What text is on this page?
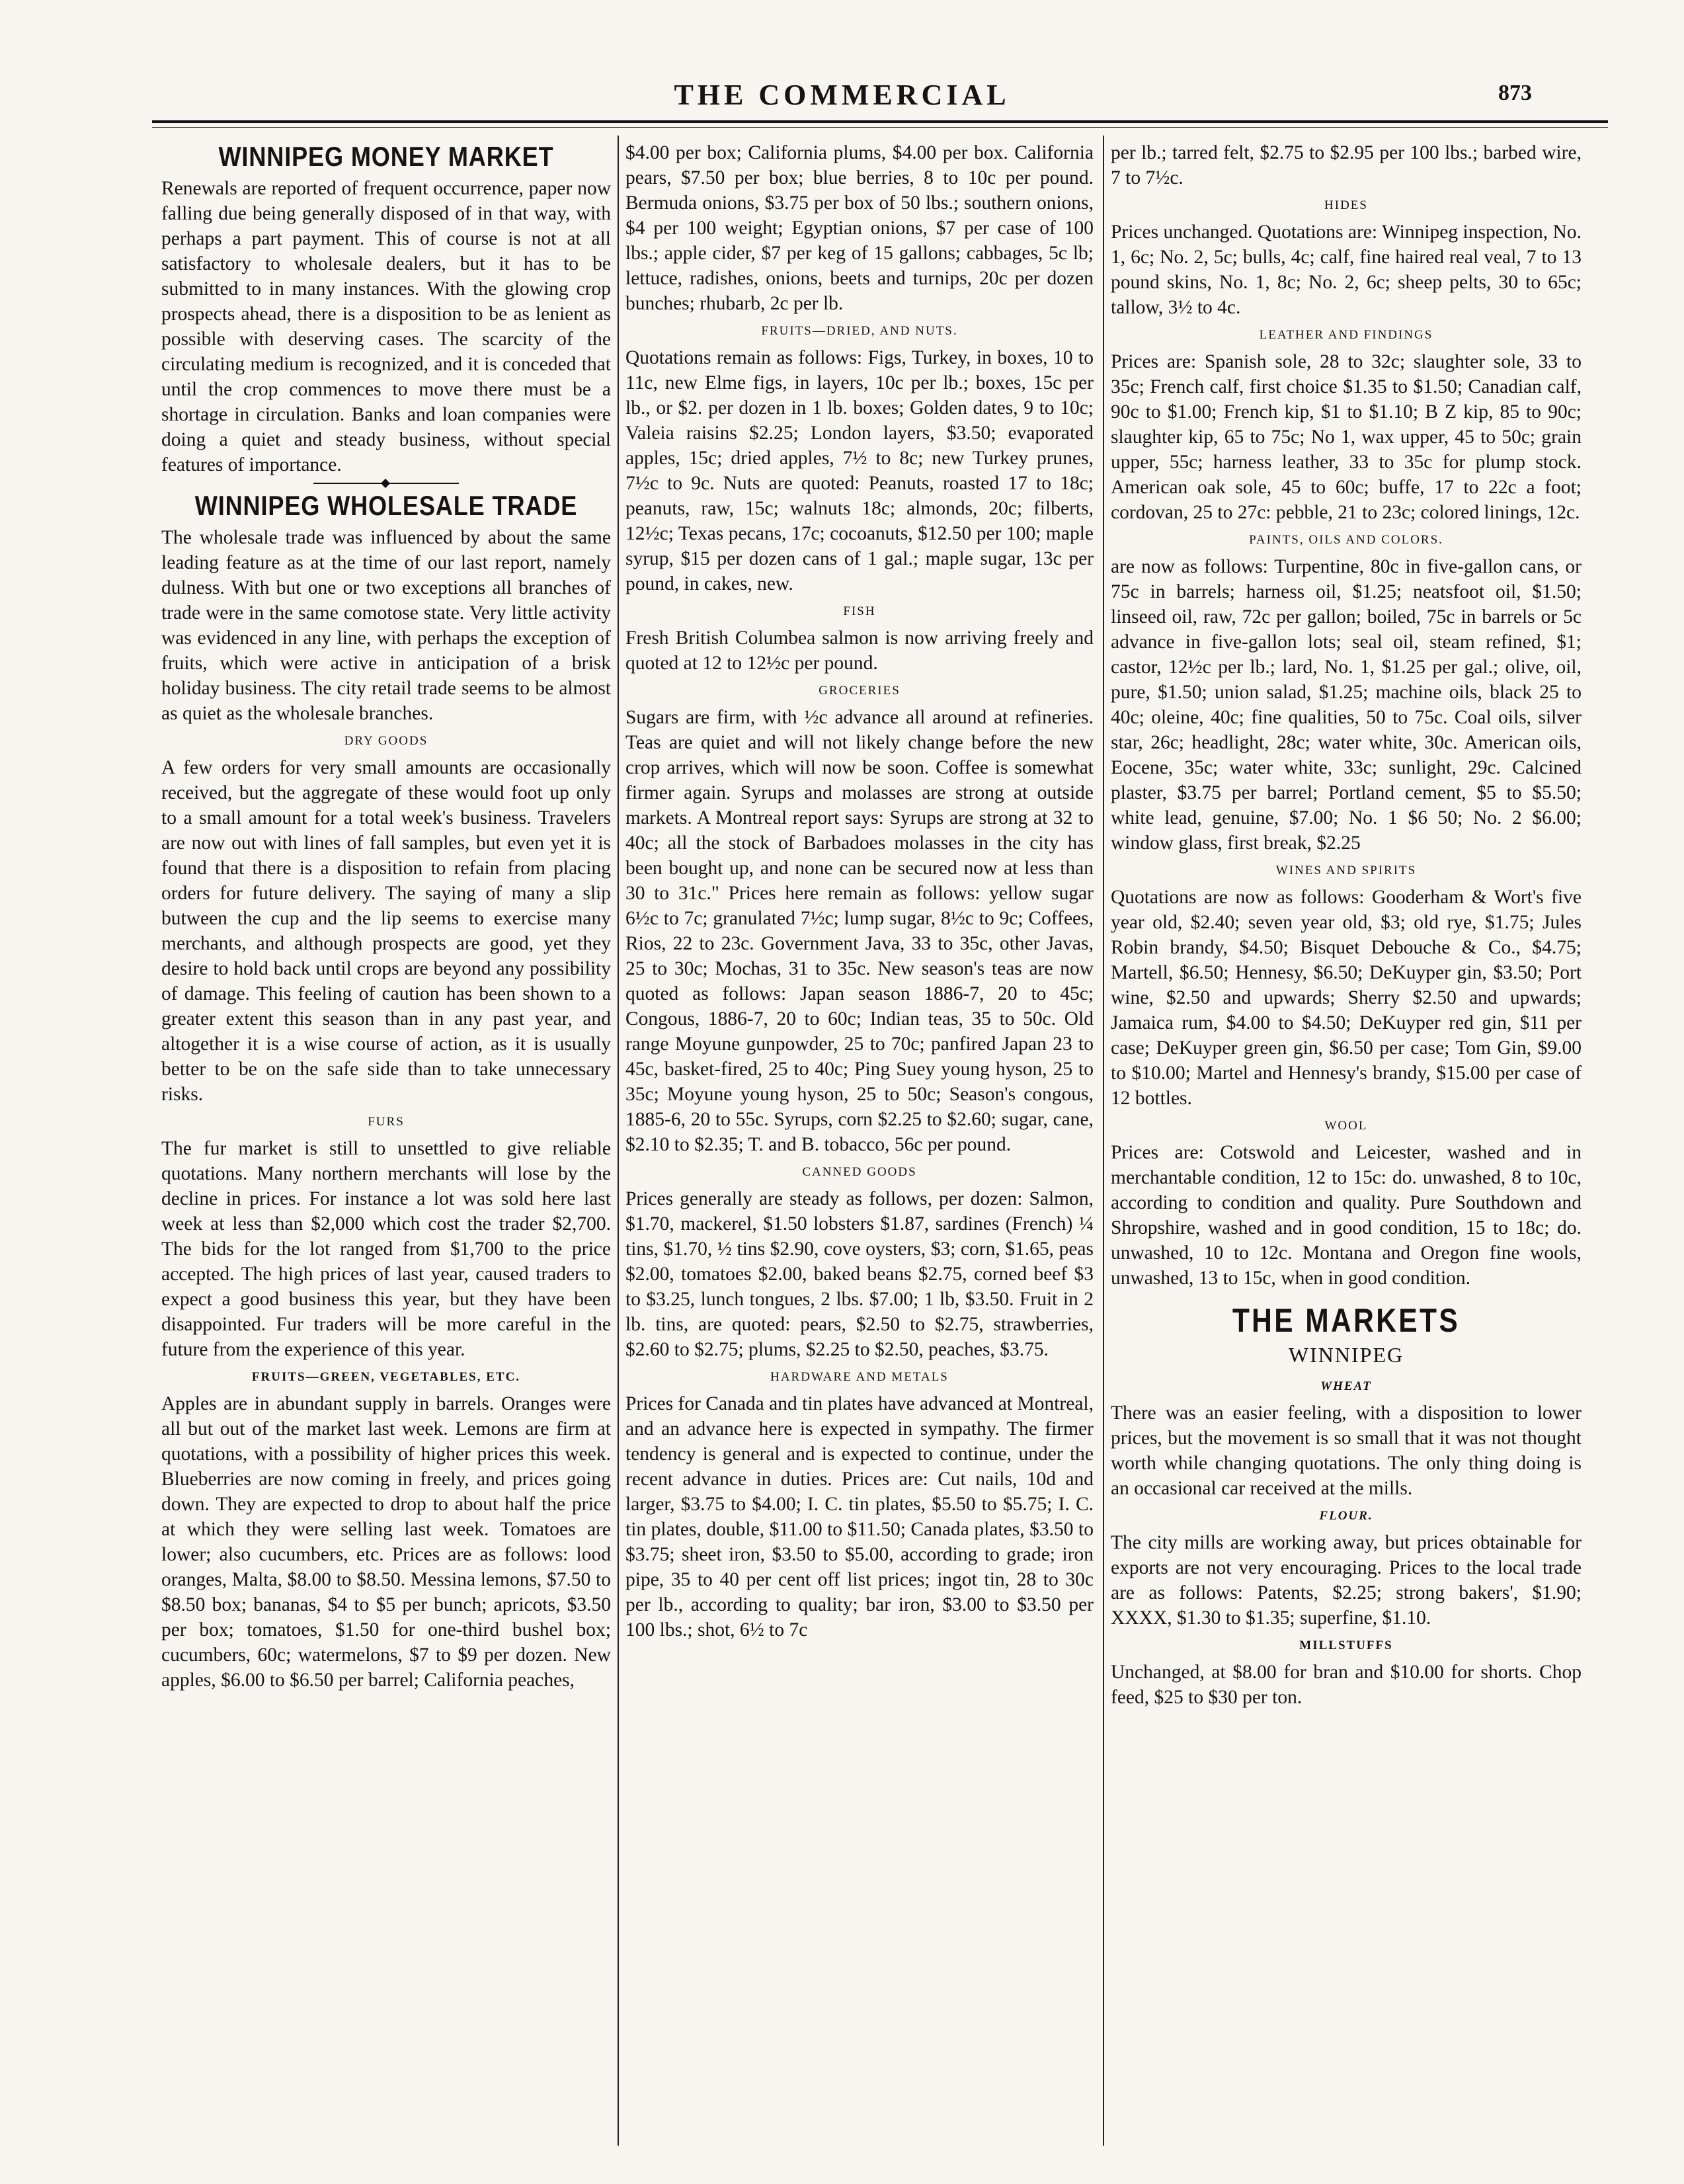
THE COMMERCIAL	873
WINNIPEG MONEY MARKET

Renewals are reported of frequent occurrence, paper now falling due being generally disposed of in that way, with perhaps a part payment. This of course is not at all satisfactory to wholesale dealers, but it has to be submitted to in many instances. With the glowing crop prospects ahead, there is a disposition to be as lenient as possible with deserving cases. The scarcity of the circulating medium is recognized, and it is conceded that until the crop commences to move there must be a shortage in circulation. Banks and loan companies were doing a quiet and steady business, without special features of importance.

WINNIPEG WHOLESALE TRADE

The wholesale trade was influenced by about the same leading feature as at the time of our last report, namely dulness. With but one or two exceptions all branches of trade were in the same comotose state. Very little activity was evidenced in any line, with perhaps the exception of fruits, which were active in anticipation of a brisk holiday business. The city retail trade seems to be almost as quiet as the wholesale branches.

DRY GOODS

A few orders for very small amounts are occasionally received, but the aggregate of these would foot up only to a small amount for a total week's business. Travelers are now out with lines of fall samples, but even yet it is found that there is a disposition to refain from placing orders for future delivery. The saying of many a slip butween the cup and the lip seems to exercise many merchants, and although prospects are good, yet they desire to hold back until crops are beyond any possibility of damage. This feeling of caution has been shown to a greater extent this season than in any past year, and altogether it is a wise course of action, as it is usually better to be on the safe side than to take unnecessary risks.

FURS

The fur market is still to unsettled to give reliable quotations. Many northern merchants will lose by the decline in prices. For instance a lot was sold here last week at less than $2,000 which cost the trader $2,700. The bids for the lot ranged from $1,700 to the price accepted. The high prices of last year, caused traders to expect a good business this year, but they have been disappointed. Fur traders will be more careful in the future from the experience of this year.

FRUITS—GREEN, VEGETABLES, ETC.

Apples are in abundant supply in barrels. Oranges were all but out of the market last week. Lemons are firm at quotations, with a possibility of higher prices this week. Blueberries are now coming in freely, and prices going down. They are expected to drop to about half the price at which they were selling last week. Tomatoes are lower; also cucumbers, etc. Prices are as follows: lood oranges, Malta, $8.00 to $8.50. Messina lemons, $7.50 to $8.50 box; bananas, $4 to $5 per bunch; apricots, $3.50 per box; tomatoes, $1.50 for one-third bushel box; cucumbers, 60c; watermelons, $7 to $9 per dozen. New apples, $6.00 to $6.50 per barrel; California peaches,

$4.00 per box; California plums, $4.00 per box. California pears, $7.50 per box; blue berries, 8 to 10c per pound. Bermuda onions, $3.75 per box of 50 lbs.; southern onions, $4 per 100 weight; Egyptian onions, $7 per case of 100 lbs.; apple cider, $7 per keg of 15 gallons; cabbages, 5c lb; lettuce, radishes, onions, beets and turnips, 20c per dozen bunches; rhubarb, 2c per lb.

FRUITS—DRIED, AND NUTS.

Quotations remain as follows: Figs, Turkey, in boxes, 10 to 11c, new Elme figs, in layers, 10c per lb.; boxes, 15c per lb., or $2. per dozen in 1 lb. boxes; Golden dates, 9 to 10c; Valeia raisins $2.25; London layers, $3.50; evaporated apples, 15c; dried apples, 7½ to 8c; new Turkey prunes, 7½c to 9c. Nuts are quoted: Peanuts, roasted 17 to 18c; peanuts, raw, 15c; walnuts 18c; almonds, 20c; filberts, 12½c; Texas pecans, 17c; cocoanuts, $12.50 per 100; maple syrup, $15 per dozen cans of 1 gal.; maple sugar, 13c per pound, in cakes, new.

FISH

Fresh British Columbea salmon is now arriving freely and quoted at 12 to 12½c per pound.

GROCERIES

Sugars are firm, with ½c advance all around at refineries. Teas are quiet and will not likely change before the new crop arrives, which will now be soon. Coffee is somewhat firmer again. Syrups and molasses are strong at outside markets. A Montreal report says: Syrups are strong at 32 to 40c; all the stock of Barbadoes molasses in the city has been bought up, and none can be secured now at less than 30 to 31c." Prices here remain as follows: yellow sugar 6½c to 7c; granulated 7½c; lump sugar, 8½c to 9c; Coffees, Rios, 22 to 23c. Government Java, 33 to 35c, other Javas, 25 to 30c; Mochas, 31 to 35c. New season's teas are now quoted as follows: Japan season 1886-7, 20 to 45c; Congous, 1886-7, 20 to 60c; Indian teas, 35 to 50c. Old range Moyune gunpowder, 25 to 70c; panfired Japan 23 to 45c, basket-fired, 25 to 40c; Ping Suey young hyson, 25 to 35c; Moyune young hyson, 25 to 50c; Season's congous, 1885-6, 20 to 55c. Syrups, corn $2.25 to $2.60; sugar, cane, $2.10 to $2.35; T. and B. tobacco, 56c per pound.

CANNED GOODS

Prices generally are steady as follows, per dozen: Salmon, $1.70, mackerel, $1.50 lobsters $1.87, sardines (French) ¼ tins, $1.70, ½ tins $2.90, cove oysters, $3; corn, $1.65, peas $2.00, tomatoes $2.00, baked beans $2.75, corned beef $3 to $3.25, lunch tongues, 2 lbs. $7.00; 1 lb, $3.50. Fruit in 2 lb. tins, are quoted: pears, $2.50 to $2.75, strawberries, $2.60 to $2.75; plums, $2.25 to $2.50, peaches, $3.75.

HARDWARE AND METALS

Prices for Canada and tin plates have advanced at Montreal, and an advance here is expected in sympathy. The firmer tendency is general and is expected to continue, under the recent advance in duties. Prices are: Cut nails, 10d and larger, $3.75 to $4.00; I. C. tin plates, $5.50 to $5.75; I. C. tin plates, double, $11.00 to $11.50; Canada plates, $3.50 to $3.75; sheet iron, $3.50 to $5.00, according to grade; iron pipe, 35 to 40 per cent off list prices; ingot tin, 28 to 30c per lb., according to quality; bar iron, $3.00 to $3.50 per 100 lbs.; shot, 6½ to 7c

per lb.; tarred felt, $2.75 to $2.95 per 100 lbs.; barbed wire, 7 to 7½c.

HIDES

Prices unchanged. Quotations are: Winnipeg inspection, No. 1, 6c; No. 2, 5c; bulls, 4c; calf, fine haired real veal, 7 to 13 pound skins, No. 1, 8c; No. 2, 6c; sheep pelts, 30 to 65c; tallow, 3½ to 4c.

LEATHER AND FINDINGS

Prices are: Spanish sole, 28 to 32c; slaughter sole, 33 to 35c; French calf, first choice $1.35 to $1.50; Canadian calf, 90c to $1.00; French kip, $1 to $1.10; B Z kip, 85 to 90c; slaughter kip, 65 to 75c; No 1, wax upper, 45 to 50c; grain upper, 55c; harness leather, 33 to 35c for plump stock. American oak sole, 45 to 60c; buffe, 17 to 22c a foot; cordovan, 25 to 27c: pebble, 21 to 23c; colored linings, 12c.

PAINTS, OILS AND COLORS.

are now as follows: Turpentine, 80c in five-gallon cans, or 75c in barrels; harness oil, $1.25; neatsfoot oil, $1.50; linseed oil, raw, 72c per gallon; boiled, 75c in barrels or 5c advance in five-gallon lots; seal oil, steam refined, $1; castor, 12½c per lb.; lard, No. 1, $1.25 per gal.; olive, oil, pure, $1.50; union salad, $1.25; machine oils, black 25 to 40c; oleine, 40c; fine qualities, 50 to 75c. Coal oils, silver star, 26c; headlight, 28c; water white, 30c. American oils, Eocene, 35c; water white, 33c; sunlight, 29c. Calcined plaster, $3.75 per barrel; Portland cement, $5 to $5.50; white lead, genuine, $7.00; No. 1 $6 50; No. 2 $6.00; window glass, first break, $2.25

WINES AND SPIRITS

Quotations are now as follows: Gooderham & Wort's five year old, $2.40; seven year old, $3; old rye, $1.75; Jules Robin brandy, $4.50; Bisquet Debouche & Co., $4.75; Martell, $6.50; Hennesy, $6.50; DeKuyper gin, $3.50; Port wine, $2.50 and upwards; Sherry $2.50 and upwards; Jamaica rum, $4.00 to $4.50; DeKuyper red gin, $11 per case; DeKuyper green gin, $6.50 per case; Tom Gin, $9.00 to $10.00; Martel and Hennesy's brandy, $15.00 per case of 12 bottles.

WOOL

Prices are: Cotswold and Leicester, washed and in merchantable condition, 12 to 15c: do. unwashed, 8 to 10c, according to condition and quality. Pure Southdown and Shropshire, washed and in good condition, 15 to 18c; do. unwashed, 10 to 12c. Montana and Oregon fine wools, unwashed, 13 to 15c, when in good condition.

THE MARKETS
WINNIPEG
WHEAT

There was an easier feeling, with a disposition to lower prices, but the movement is so small that it was not thought worth while changing quotations. The only thing doing is an occasional car received at the mills.

FLOUR.

The city mills are working away, but prices obtainable for exports are not very encouraging. Prices to the local trade are as follows: Patents, $2.25; strong bakers', $1.90; XXXX, $1.30 to $1.35; superfine, $1.10.

MILLSTUFFS

Unchanged, at $8.00 for bran and $10.00 for shorts. Chop feed, $25 to $30 per ton.
